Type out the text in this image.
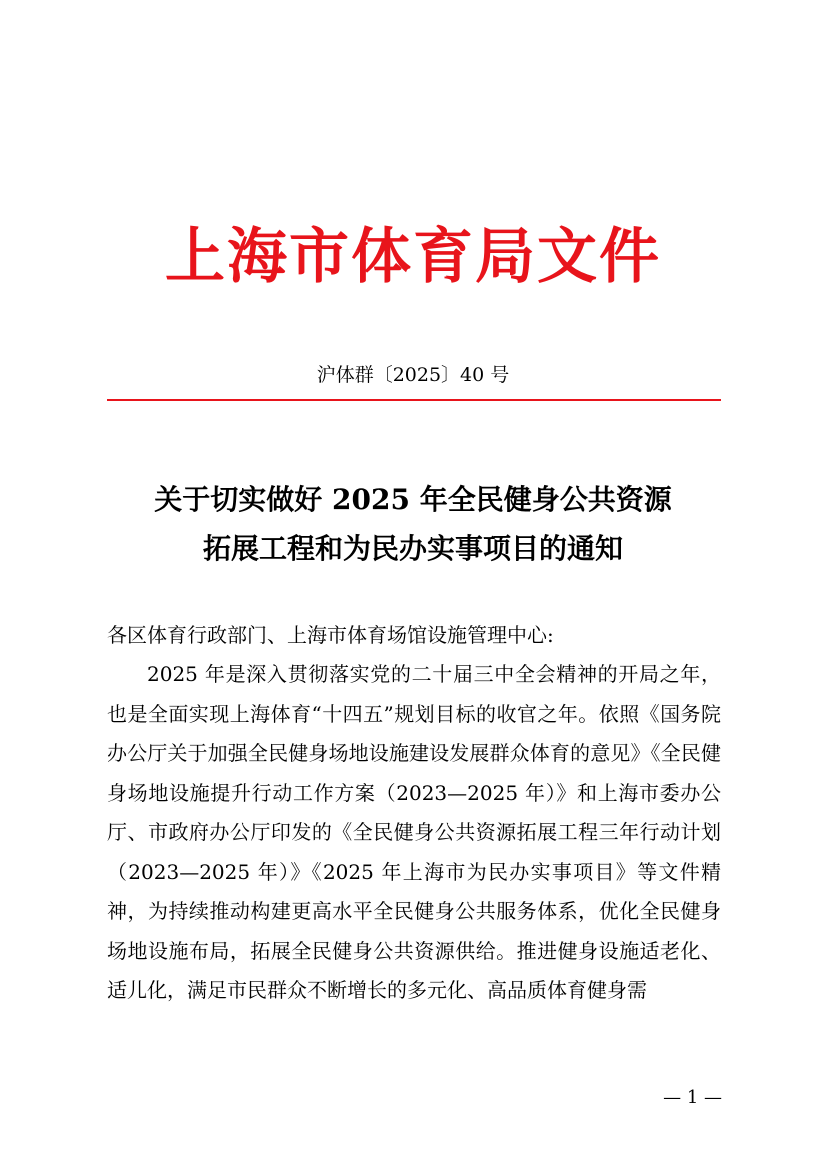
上海市体育局文件
沪体群〔2025〕40 号
关于切实做好 2025 年全民健身公共资源
拓展工程和为民办实事项目的通知
各区体育行政部门、上海市体育场馆设施管理中心:
2025 年是深入贯彻落实党的二十届三中全会精神的开局之年，也是全面实现上海体育“十四五”规划目标的收官之年。依照《国务院办公厅关于加强全民健身场地设施建设发展群众体育的意见》《全民健身场地设施提升行动工作方案（2023—2025 年）》和上海市委办公厅、市政府办公厅印发的《全民健身公共资源拓展工程三年行动计划（2023—2025 年）》《2025 年上海市为民办实事项目》等文件精神，为持续推动构建更高水平全民健身公共服务体系，优化全民健身场地设施布局，拓展全民健身公共资源供给。推进健身设施适老化、适儿化，满足市民群众不断增长的多元化、高品质体育健身需
— 1 —
